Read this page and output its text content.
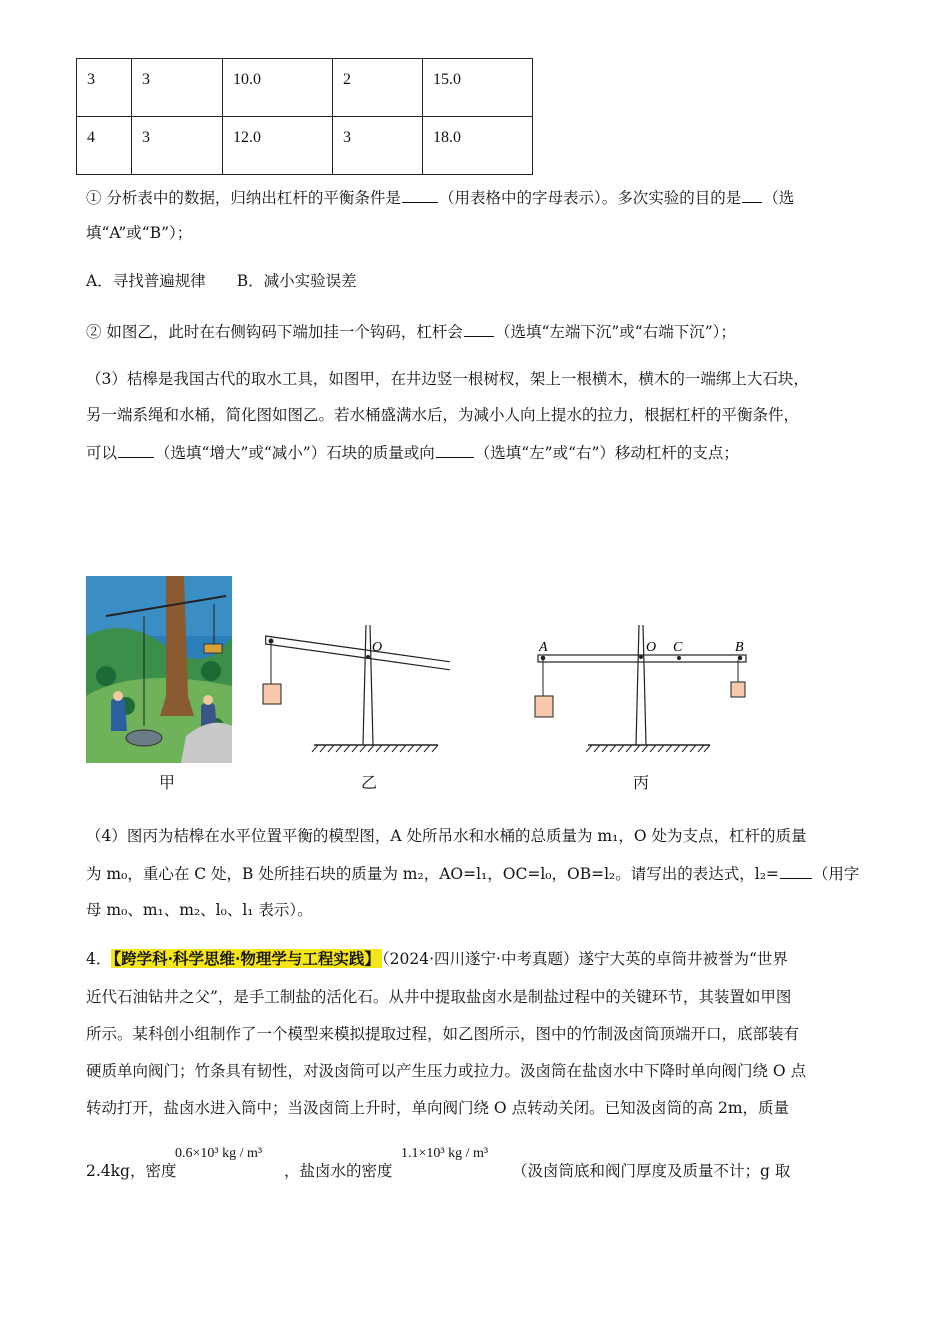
3	3	10.0	2	15.0
4	3	12.0	3	18.0
① 分析表中的数据，归纳出杠杆的平衡条件是 （用表格中的字母表示）。多次实验的目的是 （选
填“A”或“B”）；
A．寻找普遍规律　　B．减小实验误差
② 如图乙，此时在右侧钩码下端加挂一个钩码，杠杆会 （选填“左端下沉”或“右端下沉”）；
（3）桔槔是我国古代的取水工具，如图甲，在井边竖一根树杈，架上一根横木，横木的一端绑上大石块，
另一端系绳和水桶，简化图如图乙。若水桶盛满水后，为减小人向上提水的拉力，根据杠杆的平衡条件，
可以 （选填“增大”或“减小”）石块的质量或向	（选填“左”或“右”）移动杠杆的支点；
O	A	O C	B
甲	乙	丙
（4）图丙为桔槔在水平位置平衡的模型图，A 处所吊水和水桶的总质量为 m₁，O 处为支点，杠杆的质量
为 m₀，重心在 C 处，B 处所挂石块的质量为 m₂，AO=l₁，OC=l₀，OB=l₂。请写出的表达式，l₂= （用字
母 m₀、m₁、m₂、l₀、l₁ 表示）。
4． 【跨学科·科学思维·物理学与工程实践】 （2024·四川遂宁·中考真题）遂宁大英的卓筒井被誉为“世界
近代石油钻井之父”，是手工制盐的活化石。从井中提取盐卤水是制盐过程中的关键环节，其装置如甲图
所示。某科创小组制作了一个模型来模拟提取过程，如乙图所示，图中的竹制汲卤筒顶端开口，底部装有
硬质单向阀门；竹条具有韧性，对汲卤筒可以产生压力或拉力。汲卤筒在盐卤水中下降时单向阀门绕 O 点
转动打开，盐卤水进入筒中；当汲卤筒上升时，单向阀门绕 O 点转动关闭。已知汲卤筒的高 2m，质量
2.4kg，密度
0.6×10³ kg / m³
，盐卤水的密度
1.1×10³ kg / m³
（汲卤筒底和阀门厚度及质量不计；g 取
